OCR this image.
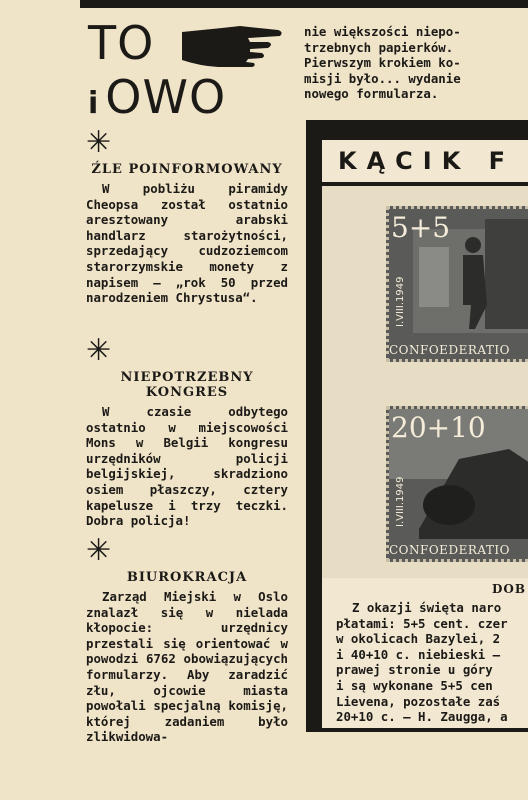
TO
i OWO
✳
ŹLE POINFORMOWANY

W pobliżu piramidy Cheopsa został ostatnio aresztowany arabski handlarz starożytności, sprzedający cudzoziemcom starorzymskie monety z napisem — „rok 50 przed narodzeniem Chrystusa“.

✳
NIEPOTRZEBNY
KONGRES

W czasie odbytego ostatnio w miejscowości Mons w Belgii kongresu urzędników policji belgijskiej, skradziono osiem płaszczy, cztery kapelusze i trzy teczki. Dobra policja!

✳
BIUROKRACJA

Zarząd Miejski w Oslo znalazł się w nielada kłopocie: urzędnicy przestali się orientować w powodzi 6762 obowiązujących formularzy. Aby zaradzić złu, ojcowie miasta powołali specjalną komisję, której zadaniem było zlikwidowa-

nie większości niepo-
trzebnych papierków.
Pierwszym krokiem ko-
misji było... wydanie
nowego formularza.
KĄCIK F
5+5
I.VIII.1949
CONFOEDERATIO
20+10
I.VIII.1949
CONFOEDERATIO
DOB
Z okazji święta naro
płatami: 5+5 cent. czer
w okolicach Bazylei, 2
i 40+10 c. niebieski —
prawej stronie u góry
i są wykonane 5+5 cen
Lievena, pozostałe zaś
20+10 c. — H. Zaugga, a
